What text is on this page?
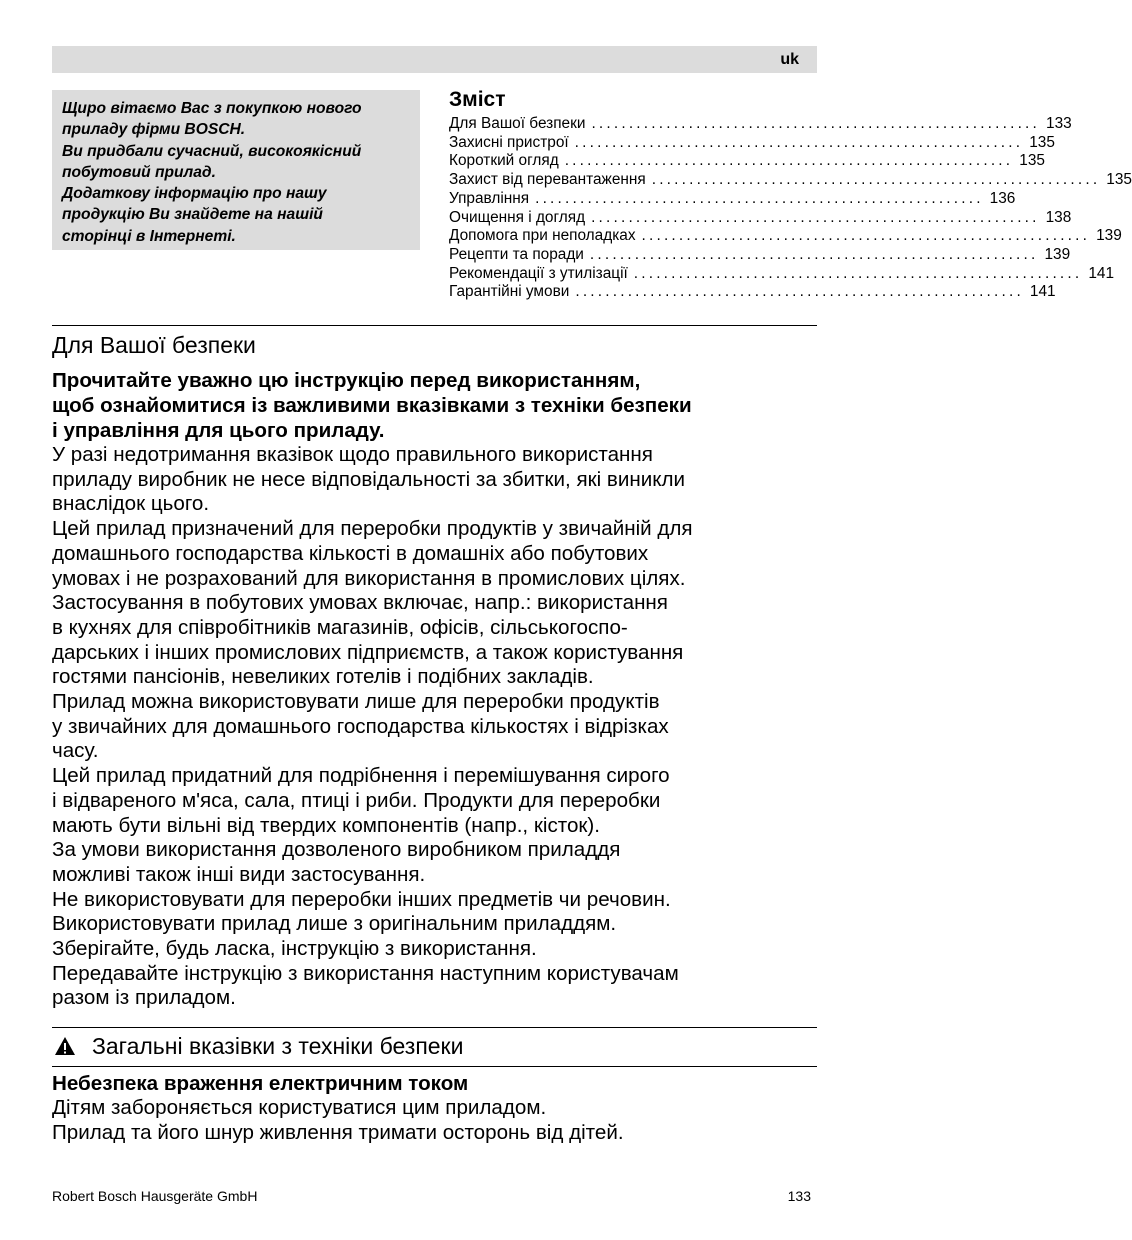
uk
Щиро вітаємо Вас з покупкою нового
приладу фірми BOSCH.
Ви придбали сучасний, високоякісний
побутовий прилад.
Додаткову інформацію про нашу
продукцію Ви знайдете на нашій
сторінці в Інтернеті.
Зміст
Для Вашої безпеки ............................................................ 133
Захисні пристрої ............................................................ 135
Короткий огляд ............................................................ 135
Захист від перевантаження ............................................................ 135
Управління ............................................................ 136
Очищення і догляд ............................................................ 138
Допомога при неполадках ............................................................ 139
Рецепти та поради ............................................................ 139
Рекомендації з утилізації ............................................................ 141
Гарантійні умови ............................................................ 141
Для Вашої безпеки
Прочитайте уважно цю інструкцію перед використанням,
щоб ознайомитися із важливими вказівками з техніки безпеки
і управління для цього приладу.
У разі недотримання вказівок щодо правильного використання
приладу виробник не несе відповідальності за збитки, які виникли
внаслідок цього.
Цей прилад призначений для переробки продуктів у звичайній для
домашнього господарства кількості в домашніх або побутових
умовах і не розрахований для використання в промислових цілях.
Застосування в побутових умовах включає, напр.: використання
в кухнях для співробітників магазинів, офісів, сільськогоспо-
дарських і інших промислових підприємств, а також користування
гостями пансіонів, невеликих готелів і подібних закладів.
Прилад можна використовувати лише для переробки продуктів
у звичайних для домашнього господарства кількостях і відрізках
часу.
Цей прилад придатний для подрібнення і перемішування сирого
і відвареного м'яса, сала, птиці і риби. Продукти для переробки
мають бути вільні від твердих компонентів (напр., кісток).
За умови використання дозволеного виробником приладдя
можливі також інші види застосування.
Не використовувати для переробки інших предметів чи речовин.
Використовувати прилад лише з оригінальним приладдям.
Зберігайте, будь ласка, інструкцію з використання.
Передавайте інструкцію з використання наступним користувачам
разом із приладом.
Загальні вказівки з техніки безпеки
Небезпека враження електричним током
Дітям забороняється користуватися цим приладом.
Прилад та його шнур живлення тримати осторонь від дітей.
Robert Bosch Hausgeräte GmbH	133
